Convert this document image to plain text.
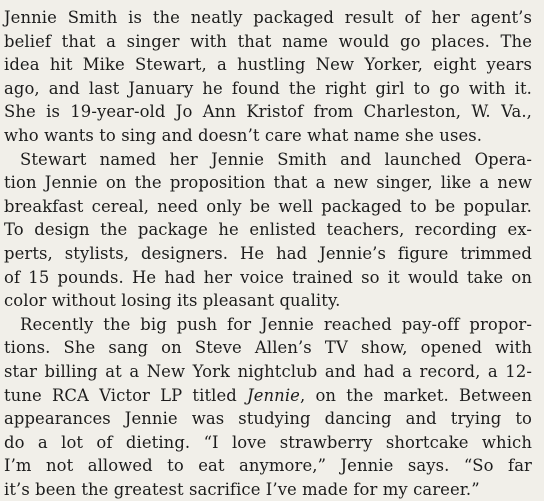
Jennie Smith is the neatly packaged result of her agent’s
belief that a singer with that name would go places. The
idea hit Mike Stewart, a hustling New Yorker, eight years
ago, and last January he found the right girl to go with it.
She is 19-year-old Jo Ann Kristof from Charleston, W. Va.,
who wants to sing and doesn’t care what name she uses.
Stewart named her Jennie Smith and launched Opera-
tion Jennie on the proposition that a new singer, like a new
breakfast cereal, need only be well packaged to be popular.
To design the package he enlisted teachers, recording ex-
perts, stylists, designers. He had Jennie’s figure trimmed
of 15 pounds. He had her voice trained so it would take on
color without losing its pleasant quality.
Recently the big push for Jennie reached pay-off propor-
tions. She sang on Steve Allen’s TV show, opened with
star billing at a New York nightclub and had a record, a 12-
tune RCA Victor LP titled Jennie, on the market. Between
appearances Jennie was studying dancing and trying to
do a lot of dieting. “I love strawberry shortcake which
I’m not allowed to eat anymore,” Jennie says. “So far
it’s been the greatest sacrifice I’ve made for my career.”
